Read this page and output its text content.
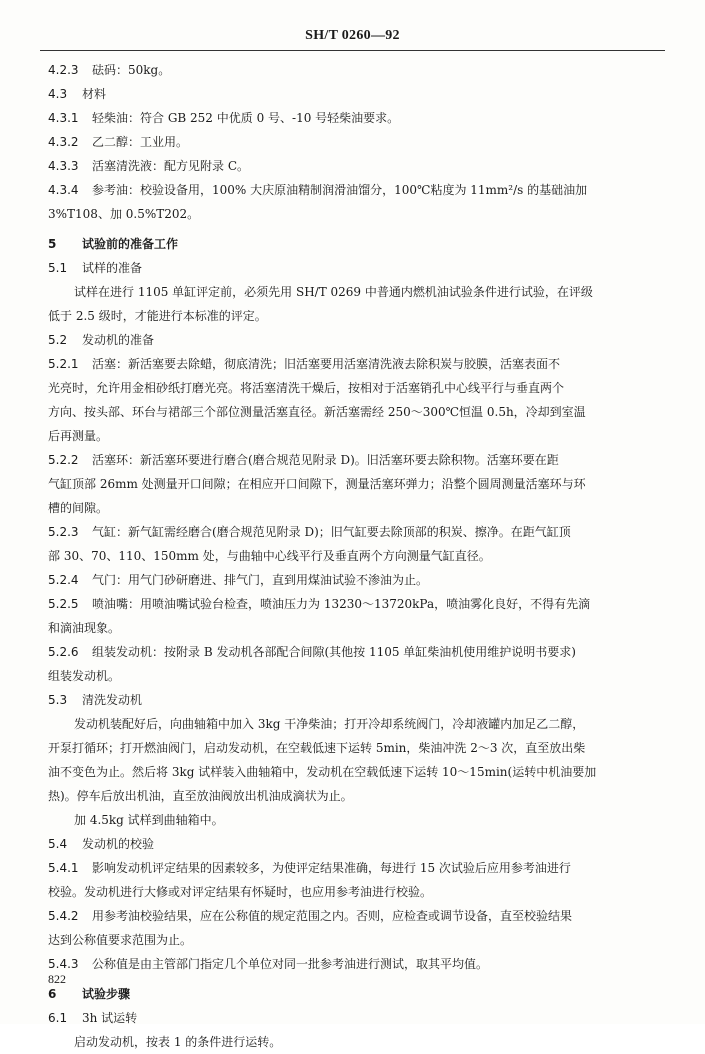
SH/T 0260—92
4.2.3 砝码：50kg。
4.3 材料
4.3.1 轻柴油：符合 GB 252 中优质 0 号、-10 号轻柴油要求。
4.3.2 乙二醇：工业用。
4.3.3 活塞清洗液：配方见附录 C。
4.3.4 参考油：校验设备用，100% 大庆原油精制润滑油馏分，100℃粘度为 11mm²/s 的基础油加
3%T108、加 0.5%T202。
5 试验前的准备工作
5.1 试样的准备
试样在进行 1105 单缸评定前，必须先用 SH/T 0269 中普通内燃机油试验条件进行试验，在评级
低于 2.5 级时，才能进行本标准的评定。
5.2 发动机的准备
5.2.1 活塞：新活塞要去除蜡，彻底清洗；旧活塞要用活塞清洗液去除积炭与胶膜，活塞表面不
光亮时，允许用金相砂纸打磨光亮。将活塞清洗干燥后，按相对于活塞销孔中心线平行与垂直两个
方向、按头部、环台与裙部三个部位测量活塞直径。新活塞需经 250～300℃恒温 0.5h，冷却到室温
后再测量。
5.2.2 活塞环：新活塞环要进行磨合(磨合规范见附录 D)。旧活塞环要去除积物。活塞环要在距
气缸顶部 26mm 处测量开口间隙；在相应开口间隙下，测量活塞环弹力；沿整个圆周测量活塞环与环
槽的间隙。
5.2.3 气缸：新气缸需经磨合(磨合规范见附录 D)；旧气缸要去除顶部的积炭、擦净。在距气缸顶
部 30、70、110、150mm 处，与曲轴中心线平行及垂直两个方向测量气缸直径。
5.2.4 气门：用气门砂研磨进、排气门，直到用煤油试验不渗油为止。
5.2.5 喷油嘴：用喷油嘴试验台检查，喷油压力为 13230～13720kPa，喷油雾化良好，不得有先滴
和滴油现象。
5.2.6 组装发动机：按附录 B 发动机各部配合间隙(其他按 1105 单缸柴油机使用维护说明书要求)
组装发动机。
5.3 清洗发动机
发动机装配好后，向曲轴箱中加入 3kg 干净柴油；打开冷却系统阀门，冷却液罐内加足乙二醇，
开泵打循环；打开燃油阀门，启动发动机，在空载低速下运转 5min，柴油冲洗 2～3 次，直至放出柴
油不变色为止。然后将 3kg 试样装入曲轴箱中，发动机在空载低速下运转 10～15min(运转中机油要加
热)。停车后放出机油，直至放油阀放出机油成滴状为止。
加 4.5kg 试样到曲轴箱中。
5.4 发动机的校验
5.4.1 影响发动机评定结果的因素较多，为使评定结果准确，每进行 15 次试验后应用参考油进行
校验。发动机进行大修或对评定结果有怀疑时，也应用参考油进行校验。
5.4.2 用参考油校验结果，应在公称值的规定范围之内。否则，应检查或调节设备，直至校验结果
达到公称值要求范围为止。
5.4.3 公称值是由主管部门指定几个单位对同一批参考油进行测试，取其平均值。
6 试验步骤
6.1 3h 试运转
启动发动机，按表 1 的条件进行运转。
822
